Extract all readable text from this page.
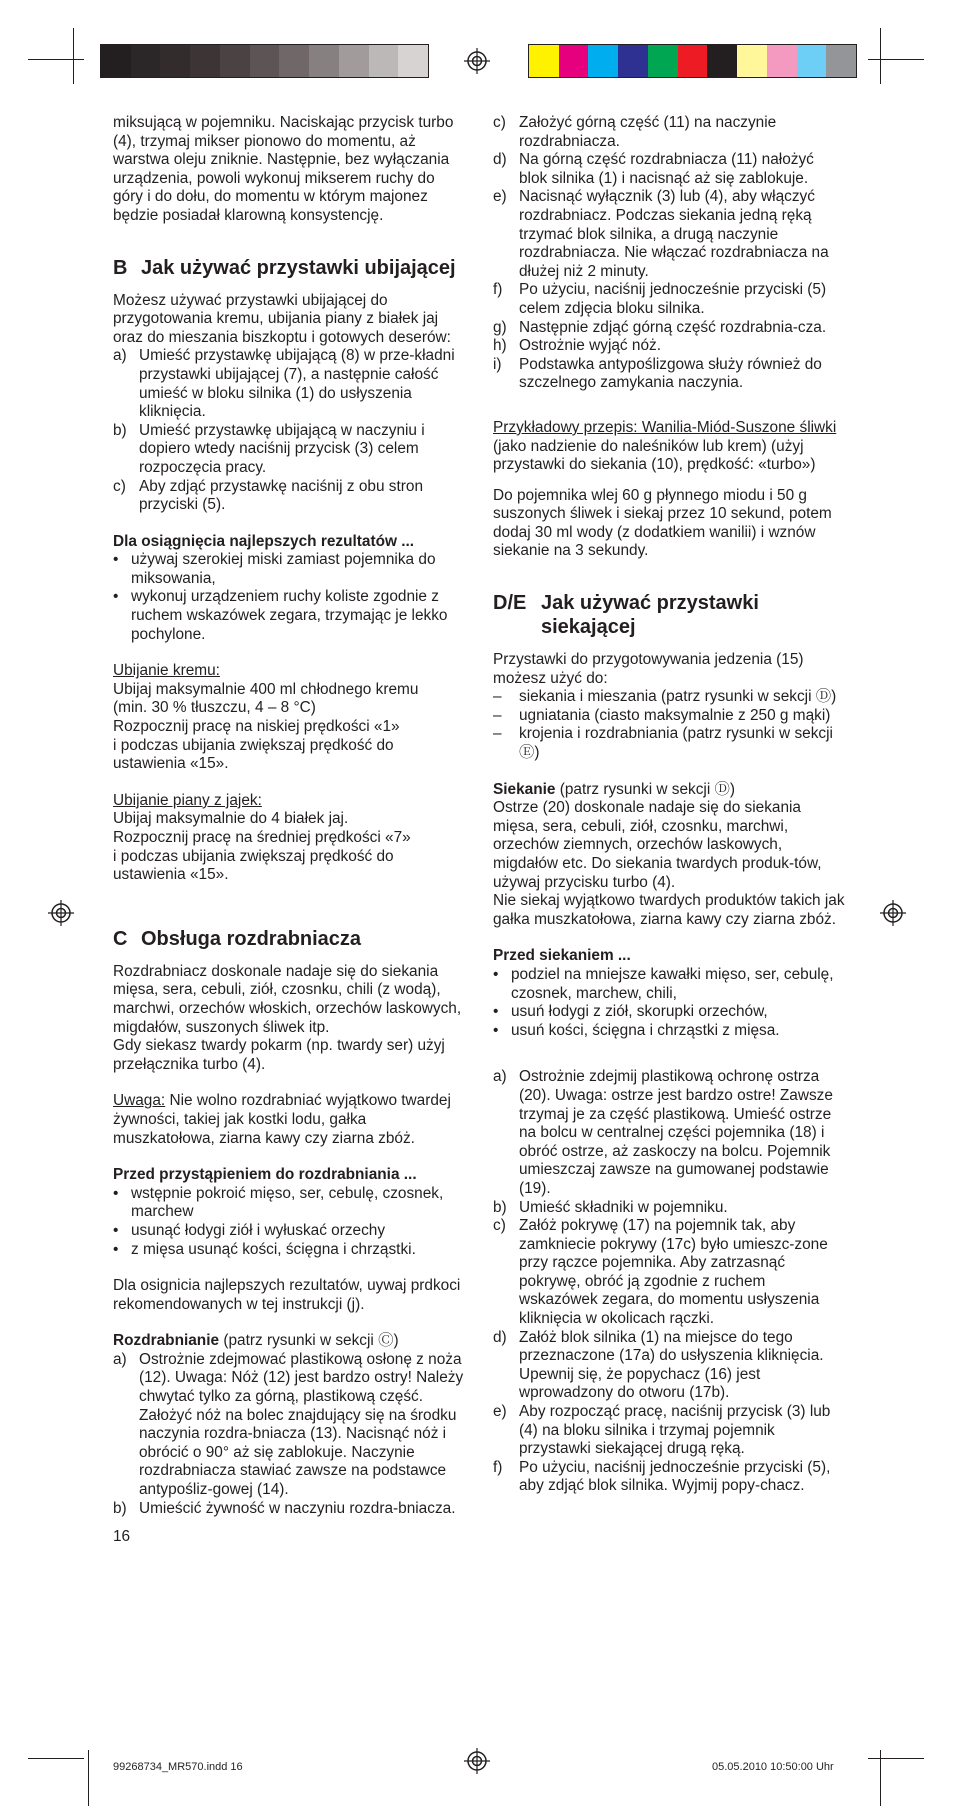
miksującą w pojemniku. Naciskając przycisk turbo (4), trzymaj mikser pionowo do momentu, aż warstwa oleju zniknie. Następnie, bez wyłączania urządzenia, powoli wykonuj mikserem ruchy do góry i do dołu, do momentu w którym majonez będzie posiadał klarowną konsystencję.

B Jak używać przystawki ubijającej

Możesz używać przystawki ubijającej do przygotowania kremu, ubijania piany z białek jaj oraz do mieszania biszkoptu i gotowych deserów:

a) Umieść przystawkę ubijającą (8) w prze-kładni przystawki ubijającej (7), a następnie całość umieść w bloku silnika (1) do usłyszenia kliknięcia.
b) Umieść przystawkę ubijającą w naczyniu i dopiero wtedy naciśnij przycisk (3) celem rozpoczęcia pracy.
c) Aby zdjąć przystawkę naciśnij z obu stron przyciski (5).

Dla osiągnięcia najlepszych rezultatów ...

• używaj szerokiej miski zamiast pojemnika do miksowania,
• wykonuj urządzeniem ruchy koliste zgodnie z ruchem wskazówek zegara, trzymając je lekko pochylone.

Ubijanie kremu:

Ubijaj maksymalnie 400 ml chłodnego kremu

(min. 30 % tłuszczu, 4 – 8 °C)

Rozpocznij pracę na niskiej prędkości «1»

i podczas ubijania zwiększaj prędkość do

ustawienia «15».

Ubijanie piany z jajek:

Ubijaj maksymalnie do 4 białek jaj.

Rozpocznij pracę na średniej prędkości «7»

i podczas ubijania zwiększaj prędkość do

ustawienia «15».

C Obsługa rozdrabniacza

Rozdrabniacz doskonale nadaje się do siekania mięsa, sera, cebuli, ziół, czosnku, chili (z wodą), marchwi, orzechów włoskich, orzechów laskowych, migdałów, suszonych śliwek itp.

Gdy siekasz twardy pokarm (np. twardy ser) użyj przełącznika turbo (4).

Uwaga: Nie wolno rozdrabniać wyjątkowo twardej żywności, takiej jak kostki lodu, gałka muszkatołowa, ziarna kawy czy ziarna zbóż.

Przed przystąpieniem do rozdrabniania ...

• wstępnie pokroić mięso, ser, cebulę, czosnek, marchew
• usunąć łodygi ziół i wyłuskać orzechy
• z mięsa usunąć kości, ścięgna i chrząstki.

Dla osignicia najlepszych rezultatów, uywaj prdkoci rekomendowanych w tej instrukcji (j).

Rozdrabnianie (patrz rysunki w sekcji Ⓒ)

a) Ostrożnie zdejmować plastikową osłonę z noża (12). Uwaga: Nóż (12) jest bardzo ostry! Należy chwytać tylko za górną, plastikową część. Założyć nóż na bolec znajdujący się na środku naczynia rozdra-bniacza (13). Nacisnąć nóż i obrócić o 90° aż się zablokuje. Naczynie rozdrabniacza stawiać zawsze na podstawce antypośliz-gowej (14).
b) Umieścić żywność w naczyniu rozdra-bniacza.

16

c) Założyć górną część (11) na naczynie rozdrabniacza.
d) Na górną część rozdrabniacza (11) nałożyć blok silnika (1) i nacisnąć aż się zablokuje.
e) Nacisnąć wyłącznik (3) lub (4), aby włączyć rozdrabniacz. Podczas siekania jedną ręką trzymać blok silnika, a drugą naczynie rozdrabniacza. Nie włączać rozdrabniacza na dłużej niż 2 minuty.
f)	Po użyciu, naciśnij jednocześnie przyciski (5) celem zdjęcia bloku silnika.
g) Następnie zdjąć górną część rozdrabnia-cza.
h) Ostrożnie wyjąć nóż.
i)	Podstawka antypoślizgowa służy również do szczelnego zamykania naczynia.

Przykładowy przepis: Wanilia-Miód-Suszone śliwki

(jako nadzienie do naleśników lub krem) (użyj przystawki do siekania (10), prędkość: «turbo»)

Do pojemnika wlej 60 g płynnego miodu i 50 g suszonych śliwek i siekaj przez 10 sekund, potem dodaj 30 ml wody (z dodatkiem wanilii) i wznów siekanie na 3 sekundy.

D/E Jak używać przystawki siekającej

Przystawki do przygotowywania jedzenia (15) możesz użyć do:

–	siekania i mieszania (patrz rysunki w sekcji Ⓓ)
–	ugniatania (ciasto maksymalnie z 250 g mąki)
–	krojenia i rozdrabniania (patrz rysunki w sekcji Ⓔ)

Siekanie (patrz rysunki w sekcji Ⓓ)

Ostrze (20) doskonale nadaje się do siekania mięsa, sera, cebuli, ziół, czosnku, marchwi, orzechów ziemnych, orzechów laskowych, migdałów etc. Do siekania twardych produk-tów, używaj przycisku turbo (4).

Nie siekaj wyjątkowo twardych produktów takich jak gałka muszkatołowa, ziarna kawy czy ziarna zbóż.

Przed siekaniem ...

• podziel na mniejsze kawałki mięso, ser, cebulę, czosnek, marchew, chili,
• usuń łodygi z ziół, skorupki orzechów,
• usuń kości, ścięgna i chrząstki z mięsa.
a) Ostrożnie zdejmij plastikową ochronę ostrza (20). Uwaga: ostrze jest bardzo ostre! Zawsze trzymaj je za część plastikową. Umieść ostrze na bolcu w centralnej części pojemnika (18) i obróć ostrze, aż zaskoczy na bolcu. Pojemnik umieszczaj zawsze na gumowanej podstawie (19).
b) Umieść składniki w pojemniku.
c) Załóż pokrywę (17) na pojemnik tak, aby zamkniecie pokrywy (17c) było umieszc-zone przy rączce pojemnika. Aby zatrzasnąć pokrywę, obróć ją zgodnie z ruchem wskazówek zegara, do momentu usłyszenia kliknięcia w okolicach rączki.
d) Załóż blok silnika (1) na miejsce do tego przeznaczone (17a) do usłyszenia kliknięcia. Upewnij się, że popychacz (16) jest wprowadzony do otworu (17b).
e) Aby rozpocząć pracę, naciśnij przycisk (3) lub (4) na bloku silnika i trzymaj pojemnik przystawki siekającej drugą ręką.
f)	Po użyciu, naciśnij jednocześnie przyciski (5), aby zdjąć blok silnika. Wyjmij popy-chacz.
99268734_MR570.indd 16	05.05.2010 10:50:00 Uhr
